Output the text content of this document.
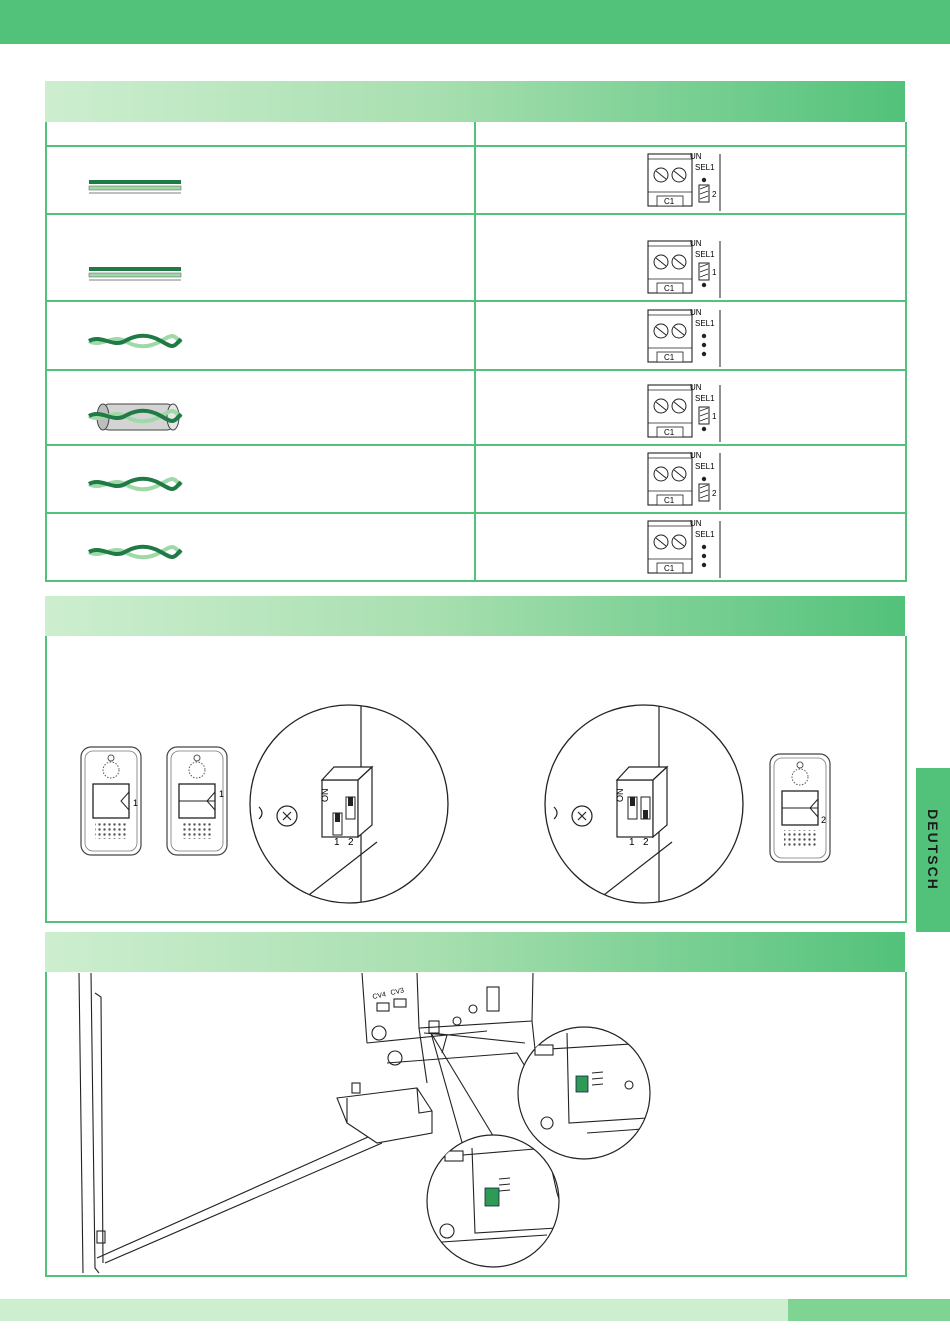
C1
UN
SEL1
2
C1
UN
SEL1
1
C1
UN
SEL1
C1
UN
SEL1
1
C1
UN
SEL1
2
C1
UN
SEL1
1
1	ON
1 2
ON
1 2
2
CV4 CV3
DEUTSCH
